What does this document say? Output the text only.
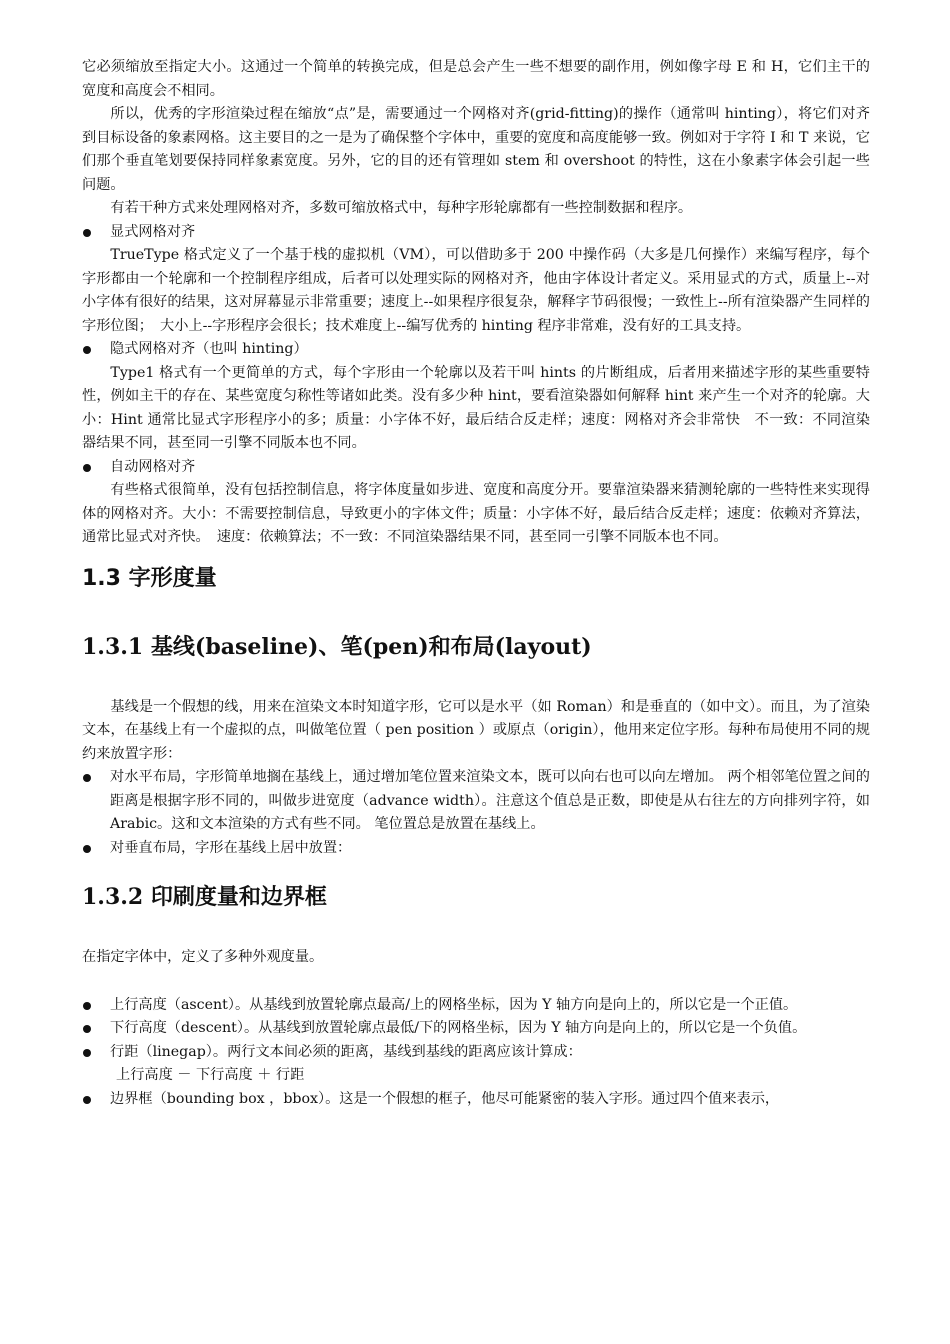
它必须缩放至指定大小。这通过一个简单的转换完成，但是总会产生一些不想要的副作用，例如像字母 E 和 H，它们主干的宽度和高度会不相同。

所以，优秀的字形渲染过程在缩放“点”是，需要通过一个网格对齐(grid-fitting)的操作（通常叫 hinting），将它们对齐到目标设备的象素网格。这主要目的之一是为了确保整个字体中，重要的宽度和高度能够一致。例如对于字符 I 和 T 来说，它们那个垂直笔划要保持同样象素宽度。另外，它的目的还有管理如 stem 和 overshoot 的特性，这在小象素字体会引起一些问题。

有若干种方式来处理网格对齐，多数可缩放格式中，每种字形轮廓都有一些控制数据和程序。

显式网格对齐

TrueType 格式定义了一个基于栈的虚拟机（VM），可以借助多于 200 中操作码（大多是几何操作）来编写程序，每个字形都由一个轮廓和一个控制程序组成，后者可以处理实际的网格对齐，他由字体设计者定义。采用显式的方式，质量上--对小字体有很好的结果，这对屏幕显示非常重要；速度上--如果程序很复杂，解释字节码很慢；一致性上--所有渲染器产生同样的字形位图；　大小上--字形程序会很长；技术难度上--编写优秀的 hinting 程序非常难，没有好的工具支持。

隐式网格对齐（也叫 hinting）

Type1 格式有一个更简单的方式，每个字形由一个轮廓以及若干叫 hints 的片断组成，后者用来描述字形的某些重要特性，例如主干的存在、某些宽度匀称性等诸如此类。没有多少种 hint，要看渲染器如何解释 hint 来产生一个对齐的轮廓。大小：Hint 通常比显式字形程序小的多；质量：小字体不好，最后结合反走样；速度：网格对齐会非常快　不一致：不同渲染器结果不同，甚至同一引擎不同版本也不同。

自动网格对齐

有些格式很简单，没有包括控制信息，将字体度量如步进、宽度和高度分开。要靠渲染器来猜测轮廓的一些特性来实现得体的网格对齐。大小：不需要控制信息，导致更小的字体文件；质量：小字体不好，最后结合反走样；速度：依赖对齐算法，通常比显式对齐快。　速度：依赖算法；不一致：不同渲染器结果不同，甚至同一引擎不同版本也不同。

1.3 字形度量
1.3.1 基线(baseline)、笔(pen)和布局(layout)

基线是一个假想的线，用来在渲染文本时知道字形，它可以是水平（如 Roman）和是垂直的（如中文）。而且，为了渲染文本，在基线上有一个虚拟的点，叫做笔位置（ pen position ）或原点（origin），他用来定位字形。每种布局使用不同的规约来放置字形：

对水平布局，字形简单地搁在基线上，通过增加笔位置来渲染文本，既可以向右也可以向左增加。 两个相邻笔位置之间的距离是根据字形不同的，叫做步进宽度（advance width）。注意这个值总是正数，即使是从右往左的方向排列字符，如 Arabic。这和文本渲染的方式有些不同。 笔位置总是放置在基线上。
对垂直布局，字形在基线上居中放置：
1.3.2 印刷度量和边界框

在指定字体中，定义了多种外观度量。

上行高度（ascent）。从基线到放置轮廓点最高/上的网格坐标，因为 Y 轴方向是向上的，所以它是一个正值。
下行高度（descent）。从基线到放置轮廓点最低/下的网格坐标，因为 Y 轴方向是向上的，所以它是一个负值。
行距（linegap）。两行文本间必须的距离，基线到基线的距离应该计算成：

上行高度 － 下行高度 ＋ 行距

边界框（bounding box ，bbox）。这是一个假想的框子，他尽可能紧密的装入字形。通过四个值来表示，
